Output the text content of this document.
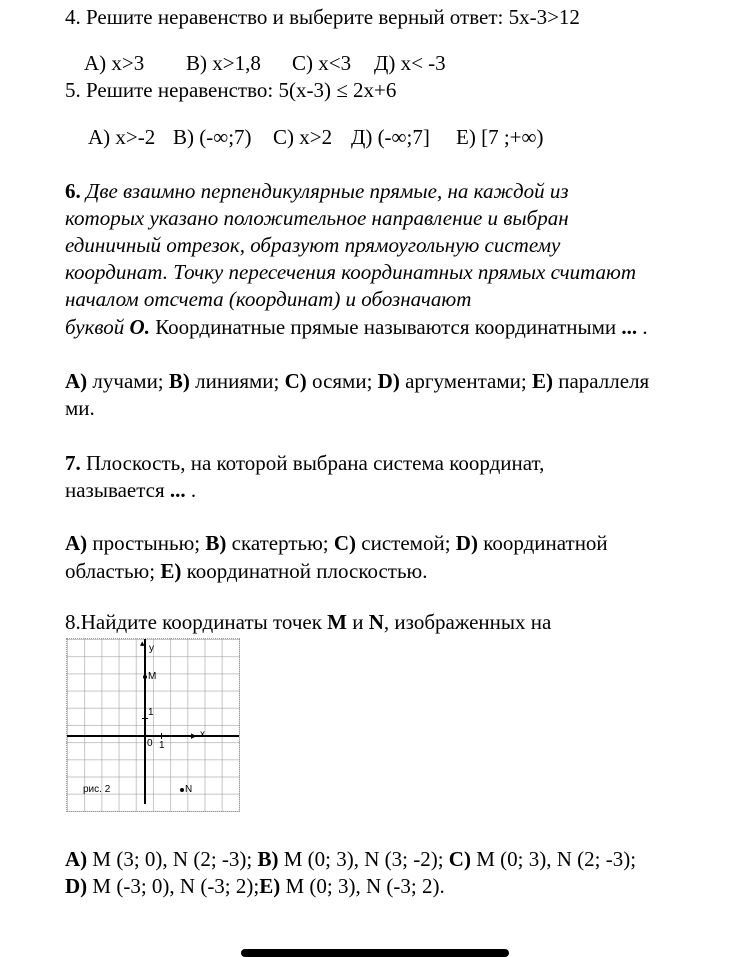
4. Решите неравенство и выберите верный ответ: 5x-3>12
A) x>3 B) x>1,8 C) x<3 Д) x< -3
5. Решите неравенство: 5(x-3) ≤ 2x+6
A) x>-2 B) (-∞;7) C) x>2 Д) (-∞;7] E) [7 ;+∞)
6. Две взаимно перпендикулярные прямые, на каждой из
которых указано положительное направление и выбран
единичный отрезок, образуют прямоугольную систему
координат. Точку пересечения координатных прямых считают
началом отсчета (координат) и обозначают
буквой O. Координатные прямые называются координатными ... .
A) лучами; B) линиями; C) осями; D) аргументами; E) параллеля
ми.
7. Плоскость, на которой выбрана система координат,
называется ... .
A) простынью; B) скатертью; C) системой; D) координатной
областью; E) координатной плоскостью.
8.Найдите координаты точек M и N, изображенных на
▸
▴ y
x
M
1
0 1
N
рис. 2
A) M (3; 0), N (2; -3); B) M (0; 3), N (3; -2); C) M (0; 3), N (2; -3);
D) M (-3; 0), N (-3; 2);E) M (0; 3), N (-3; 2).
